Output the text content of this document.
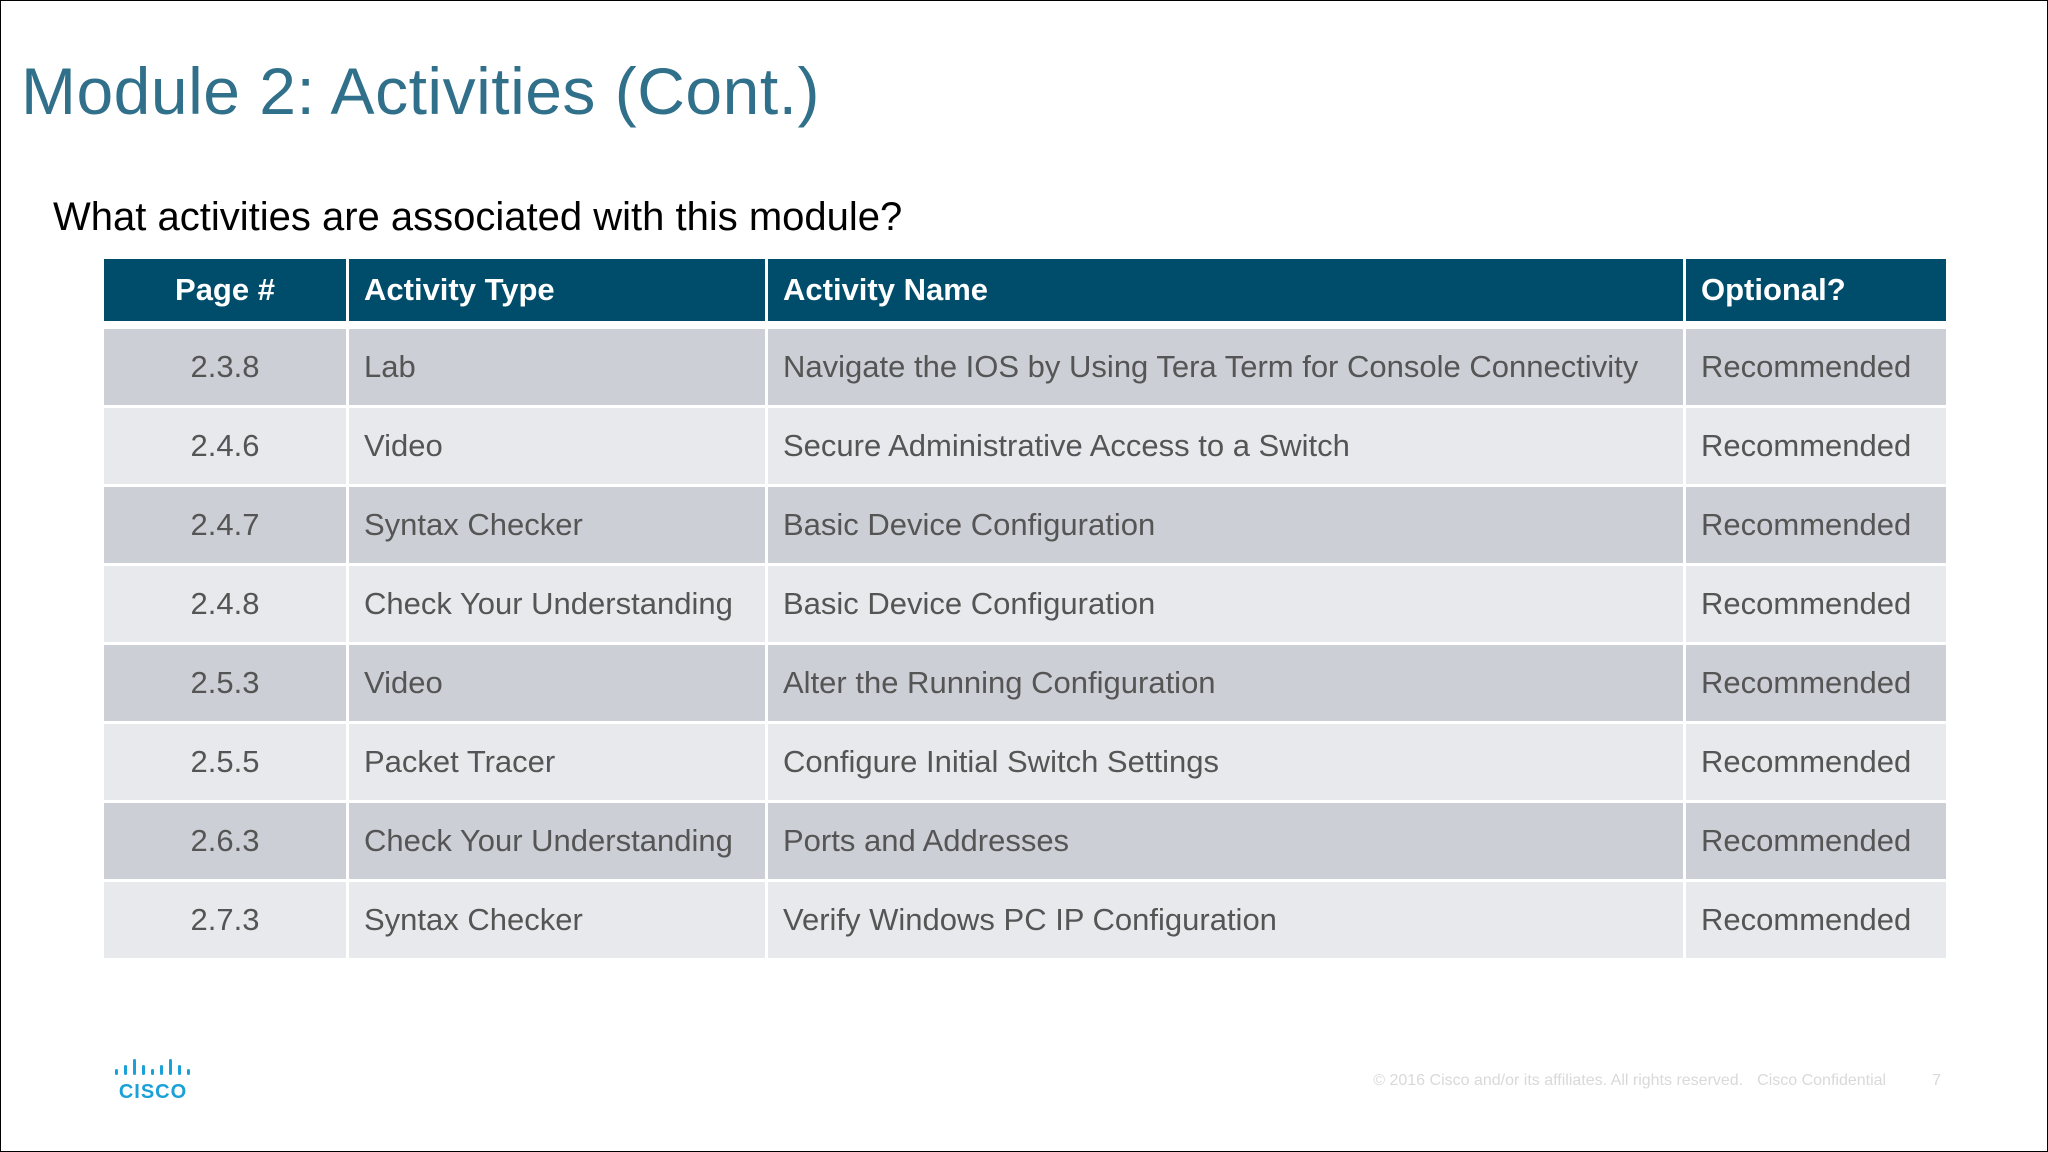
Module 2: Activities (Cont.)

What activities are associated with this module?

Page #	Activity Type	Activity Name	Optional?
2.3.8	Lab	Navigate the IOS by Using Tera Term for Console Connectivity	Recommended
2.4.6	Video	Secure Administrative Access to a Switch	Recommended
2.4.7	Syntax Checker	Basic Device Configuration	Recommended
2.4.8	Check Your Understanding	Basic Device Configuration	Recommended
2.5.3	Video	Alter the Running Configuration	Recommended
2.5.5	Packet Tracer	Configure Initial Switch Settings	Recommended
2.6.3	Check Your Understanding	Ports and Addresses	Recommended
2.7.3	Syntax Checker	Verify Windows PC IP Configuration	Recommended
CISCO
© 2016 Cisco and/or its affiliates. All rights reserved. Cisco Confidential	7
